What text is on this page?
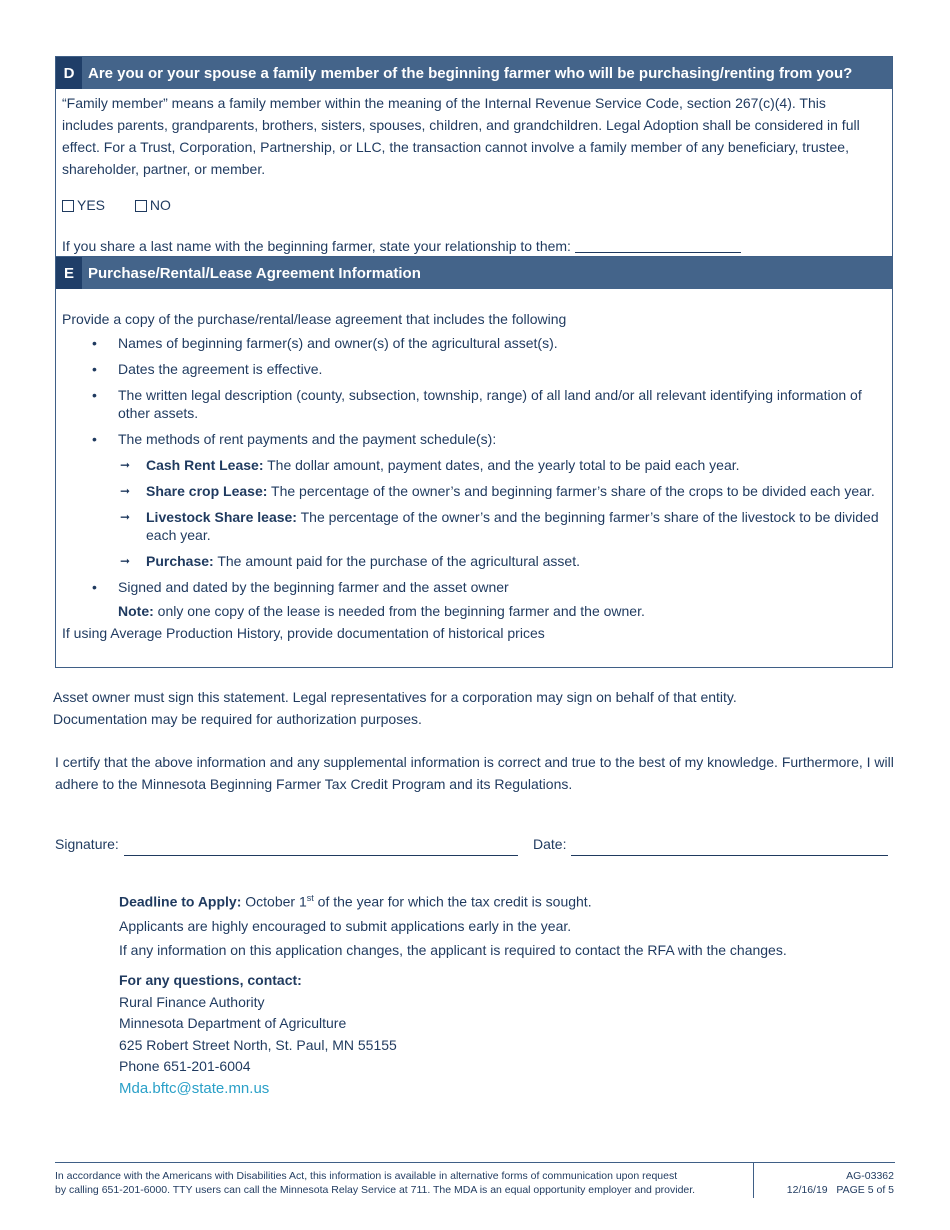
D Are you or your spouse a family member of the beginning farmer who will be purchasing/renting from you?
“Family member” means a family member within the meaning of the Internal Revenue Service Code, section 267(c)(4). This includes parents, grandparents, brothers, sisters, spouses, children, and grandchildren. Legal Adoption shall be considered in full effect. For a Trust, Corporation, Partnership, or LLC, the transaction cannot involve a family member of any beneficiary, trustee, shareholder, partner, or member.
YES	NO
If you share a last name with the beginning farmer, state your relationship to them:
E Purchase/Rental/Lease Agreement Information
Provide a copy of the purchase/rental/lease agreement that includes the following
• Names of beginning farmer(s) and owner(s) of the agricultural asset(s).
• Dates the agreement is effective.
• The written legal description (county, subsection, township, range) of all land and/or all relevant identifying information of other assets.
• The methods of rent payments and the payment schedule(s):
➞ Cash Rent Lease: The dollar amount, payment dates, and the yearly total to be paid each year.
➞ Share crop Lease: The percentage of the owner’s and beginning farmer’s share of the crops to be divided each year.
➞ Livestock Share lease: The percentage of the owner’s and the beginning farmer’s share of the livestock to be divided each year.
➞ Purchase: The amount paid for the purchase of the agricultural asset.
• Signed and dated by the beginning farmer and the asset owner
Note: only one copy of the lease is needed from the beginning farmer and the owner.
If using Average Production History, provide documentation of historical prices
Asset owner must sign this statement. Legal representatives for a corporation may sign on behalf of that entity. Documentation may be required for authorization purposes.
I certify that the above information and any supplemental information is correct and true to the best of my knowledge. Furthermore, I will adhere to the Minnesota Beginning Farmer Tax Credit Program and its Regulations.
Signature:	Date:
Deadline to Apply: October 1st of the year for which the tax credit is sought.
Applicants are highly encouraged to submit applications early in the year.
If any information on this application changes, the applicant is required to contact the RFA with the changes.
For any questions, contact:
Rural Finance Authority
Minnesota Department of Agriculture
625 Robert Street North, St. Paul, MN 55155
Phone 651-201-6004
Mda.bftc@state.mn.us
In accordance with the Americans with Disabilities Act, this information is available in alternative forms of communication upon request
by calling 651-201-6000. TTY users can call the Minnesota Relay Service at 711. The MDA is an equal opportunity employer and provider.
AG-03362
12/16/19 PAGE 5 of 5
